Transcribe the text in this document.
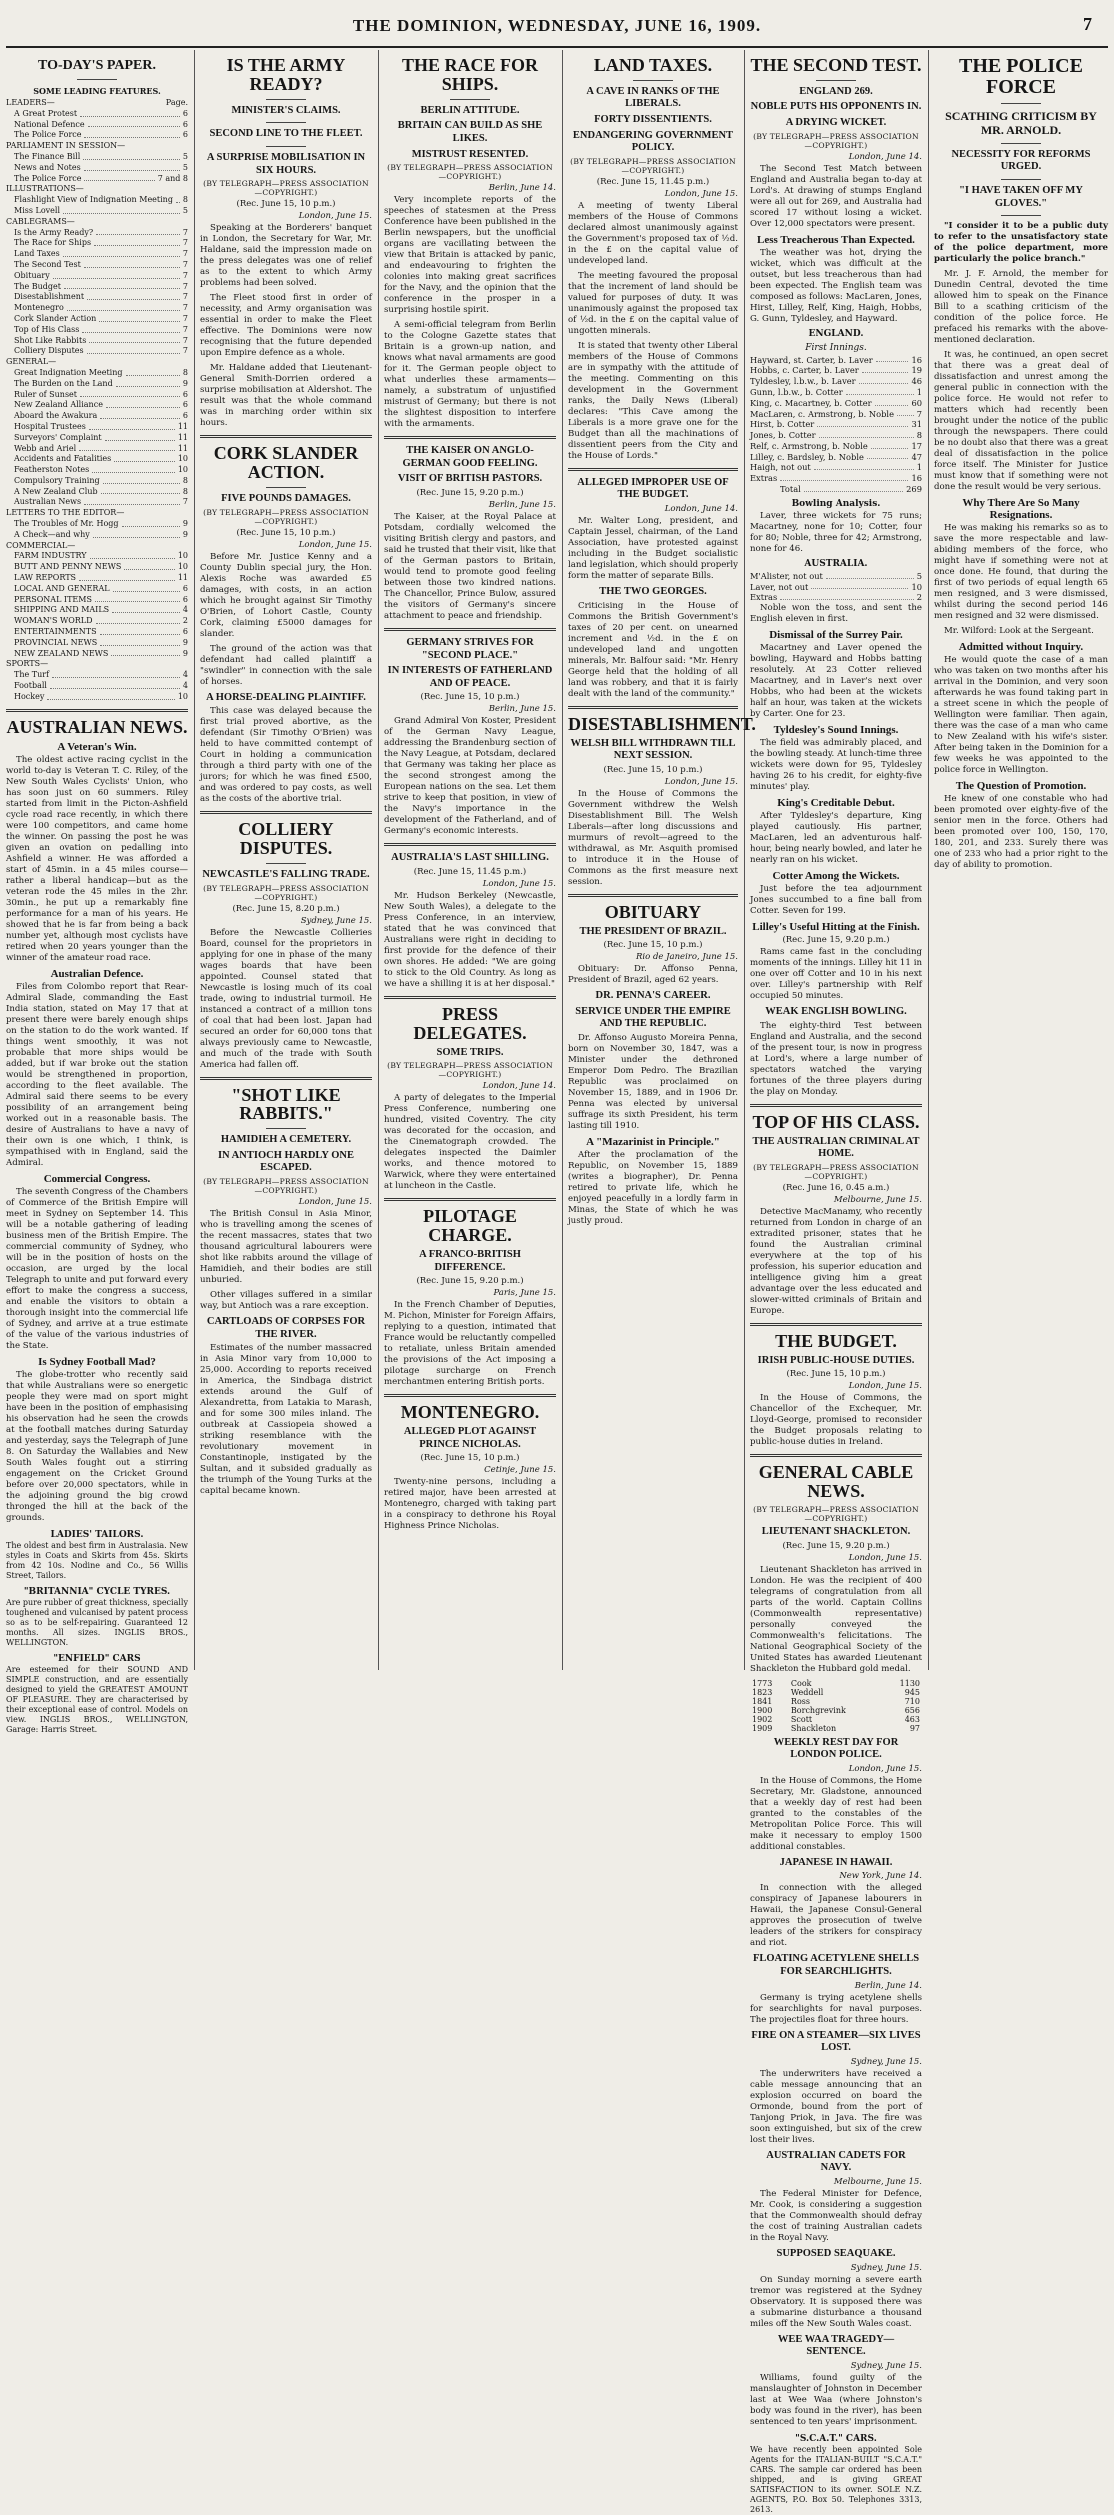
THE DOMINION, WEDNESDAY, JUNE 16, 1909.	7
TO-DAY'S PAPER.
SOME LEADING FEATURES.
LEADERS—	Page.
A Great Protest	6
National Defence	6
The Police Force	6
PARLIAMENT IN SESSION—
The Finance Bill	5
News and Notes	5
The Police Force	7 and 8
ILLUSTRATIONS—
Flashlight View of Indignation Meeting 8
Miss Lovell	5
CABLEGRAMS—
Is the Army Ready?	7
The Race for Ships	7
Land Taxes	7
The Second Test	7
Obituary	7
The Budget	7
Disestablishment	7
Montenegro	7
Cork Slander Action	7
Top of His Class	7
Shot Like Rabbits	7
Colliery Disputes	7
GENERAL—
Great Indignation Meeting	8
The Burden on the Land	9
Ruler of Sunset	6
New Zealand Alliance	6
Aboard the Awakura	6
Hospital Trustees	11
Surveyors' Complaint	11
Webb and Ariel	11
Accidents and Fatalities	10
Featherston Notes	10
Compulsory Training	8
A New Zealand Club	8
Australian News	7
LETTERS TO THE EDITOR—
The Troubles of Mr. Hogg	9
A Check—and why	9
COMMERCIAL—
FARM INDUSTRY	10
BUTT AND PENNY NEWS	10
LAW REPORTS	11
LOCAL AND GENERAL	6
PERSONAL ITEMS	6
SHIPPING AND MAILS	4
WOMAN'S WORLD	2
ENTERTAINMENTS	6
PROVINCIAL NEWS	9
NEW ZEALAND NEWS	9
SPORTS—
The Turf	4
Football	4
Hockey	10
AUSTRALIAN NEWS.
A Veteran's Win.

The oldest active racing cyclist in the world to-day is Veteran T. C. Riley, of the New South Wales Cyclists' Union, who has soon just on 60 summers. Riley started from limit in the Picton-Ashfield cycle road race recently, in which there were 100 competitors, and came home the winner. On passing the post he was given an ovation on pedalling into Ashfield a winner. He was afforded a start of 45min. in a 45 miles course—rather a liberal handicap—but as the veteran rode the 45 miles in the 2hr. 30min., he put up a remarkably fine performance for a man of his years. He showed that he is far from being a back number yet, although most cyclists have retired when 20 years younger than the winner of the amateur road race.

Australian Defence.

Files from Colombo report that Rear-Admiral Slade, commanding the East India station, stated on May 17 that at present there were barely enough ships on the station to do the work wanted. If things went smoothly, it was not probable that more ships would be added, but if war broke out the station would be strengthened in proportion, according to the fleet available. The Admiral said there seems to be every possibility of an arrangement being worked out in a reasonable basis. The desire of Australians to have a navy of their own is one which, I think, is sympathised with in England, said the Admiral.

Commercial Congress.

The seventh Congress of the Chambers of Commerce of the British Empire will meet in Sydney on September 14. This will be a notable gathering of leading business men of the British Empire. The commercial community of Sydney, who will be in the position of hosts on the occasion, are urged by the local Telegraph to unite and put forward every effort to make the congress a success, and enable the visitors to obtain a thorough insight into the commercial life of Sydney, and arrive at a true estimate of the value of the various industries of the State.

Is Sydney Football Mad?

The globe-trotter who recently said that while Australians were so energetic people they were mad on sport might have been in the position of emphasising his observation had he seen the crowds at the football matches during Saturday and yesterday, says the Telegraph of June 8. On Saturday the Wallabies and New South Wales fought out a stirring engagement on the Cricket Ground before over 20,000 spectators, while in the adjoining ground the big crowd thronged the hill at the back of the grounds.

LADIES' TAILORS.
The oldest and best firm in Australasia. New styles in Coats and Skirts from 45s. Skirts from 42 10s. Nodine and Co., 56 Willis Street, Tailors.
"BRITANNIA" CYCLE TYRES.
Are pure rubber of great thickness, specially toughened and vulcanised by patent process so as to be self-repairing. Guaranteed 12 months. All sizes. INGLIS BROS., WELLINGTON.
"ENFIELD" CARS
Are esteemed for their SOUND AND SIMPLE construction, and are essentially designed to yield the GREATEST AMOUNT OF PLEASURE. They are characterised by their exceptional ease of control. Models on view. INGLIS BROS., WELLINGTON, Garage: Harris Street.
IS THE ARMY READY?
MINISTER'S CLAIMS.
SECOND LINE TO THE FLEET.
A SURPRISE MOBILISATION IN SIX HOURS.
(BY TELEGRAPH—PRESS ASSOCIATION—COPYRIGHT.)
(Rec. June 15, 10 p.m.)
London, June 15.

Speaking at the Borderers' banquet in London, the Secretary for War, Mr. Haldane, said the impression made on the press delegates was one of relief as to the extent to which Army problems had been solved.

The Fleet stood first in order of necessity, and Army organisation was essential in order to make the Fleet effective. The Dominions were now recognising that the future depended upon Empire defence as a whole.

Mr. Haldane added that Lieutenant-General Smith-Dorrien ordered a surprise mobilisation at Aldershot. The result was that the whole command was in marching order within six hours.

CORK SLANDER ACTION.
FIVE POUNDS DAMAGES.
(BY TELEGRAPH—PRESS ASSOCIATION—COPYRIGHT.)
(Rec. June 15, 10 p.m.)
London, June 15.

Before Mr. Justice Kenny and a County Dublin special jury, the Hon. Alexis Roche was awarded £5 damages, with costs, in an action which he brought against Sir Timothy O'Brien, of Lohort Castle, County Cork, claiming £5000 damages for slander.

The ground of the action was that defendant had called plaintiff a "swindler" in connection with the sale of horses.

A HORSE-DEALING PLAINTIFF.

This case was delayed because the first trial proved abortive, as the defendant (Sir Timothy O'Brien) was held to have committed contempt of Court in holding a communication through a third party with one of the jurors; for which he was fined £500, and was ordered to pay costs, as well as the costs of the abortive trial.

COLLIERY DISPUTES.
NEWCASTLE'S FALLING TRADE.
(BY TELEGRAPH—PRESS ASSOCIATION—COPYRIGHT.)
(Rec. June 15, 8.20 p.m.)
Sydney, June 15.

Before the Newcastle Collieries Board, counsel for the proprietors in applying for one in phase of the many wages boards that have been appointed. Counsel stated that Newcastle is losing much of its coal trade, owing to industrial turmoil. He instanced a contract of a million tons of coal that had been lost. Japan had secured an order for 60,000 tons that always previously came to Newcastle, and much of the trade with South America had fallen off.

"SHOT LIKE RABBITS."
HAMIDIEH A CEMETERY.
IN ANTIOCH HARDLY ONE ESCAPED.
(BY TELEGRAPH—PRESS ASSOCIATION—COPYRIGHT.)
London, June 15.

The British Consul in Asia Minor, who is travelling among the scenes of the recent massacres, states that two thousand agricultural labourers were shot like rabbits around the village of Hamidieh, and their bodies are still unburied.

Other villages suffered in a similar way, but Antioch was a rare exception.

CARTLOADS OF CORPSES FOR THE RIVER.

Estimates of the number massacred in Asia Minor vary from 10,000 to 25,000. According to reports received in America, the Sindbaga district extends around the Gulf of Alexandretta, from Latakia to Marash, and for some 300 miles inland. The outbreak at Cassiopeia showed a striking resemblance with the revolutionary movement in Constantinople, instigated by the Sultan, and it subsided gradually as the triumph of the Young Turks at the capital became known.

THE RACE FOR SHIPS.
BERLIN ATTITUDE.
BRITAIN CAN BUILD AS SHE LIKES.
MISTRUST RESENTED.
(BY TELEGRAPH—PRESS ASSOCIATION—COPYRIGHT.)
Berlin, June 14.

Very incomplete reports of the speeches of statesmen at the Press Conference have been published in the Berlin newspapers, but the unofficial organs are vacillating between the view that Britain is attacked by panic, and endeavouring to frighten the colonies into making great sacrifices for the Navy, and the opinion that the conference in the prosper in a surprising hostile spirit.

A semi-official telegram from Berlin to the Cologne Gazette states that Britain is a grown-up nation, and knows what naval armaments are good for it. The German people object to what underlies these armaments—namely, a substratum of unjustified mistrust of Germany; but there is not the slightest disposition to interfere with the armaments.

THE KAISER ON ANGLO-GERMAN GOOD FEELING.
VISIT OF BRITISH PASTORS.
(Rec. June 15, 9.20 p.m.)
Berlin, June 15.

The Kaiser, at the Royal Palace at Potsdam, cordially welcomed the visiting British clergy and pastors, and said he trusted that their visit, like that of the German pastors to Britain, would tend to promote good feeling between those two kindred nations. The Chancellor, Prince Bulow, assured the visitors of Germany's sincere attachment to peace and friendship.

GERMANY STRIVES FOR "SECOND PLACE."
IN INTERESTS OF FATHERLAND AND OF PEACE.
(Rec. June 15, 10 p.m.)
Berlin, June 15.

Grand Admiral Von Koster, President of the German Navy League, addressing the Brandenburg section of the Navy League, at Potsdam, declared that Germany was taking her place as the second strongest among the European nations on the sea. Let them strive to keep that position, in view of the Navy's importance in the development of the Fatherland, and of Germany's economic interests.

AUSTRALIA'S LAST SHILLING.
(Rec. June 15, 11.45 p.m.)
London, June 15.

Mr. Hudson Berkeley (Newcastle, New South Wales), a delegate to the Press Conference, in an interview, stated that he was convinced that Australians were right in deciding to first provide for the defence of their own shores. He added: "We are going to stick to the Old Country. As long as we have a shilling it is at her disposal."

PRESS DELEGATES.
SOME TRIPS.
(BY TELEGRAPH—PRESS ASSOCIATION—COPYRIGHT.)
London, June 14.

A party of delegates to the Imperial Press Conference, numbering one hundred, visited Coventry. The city was decorated for the occasion, and the Cinematograph crowded. The delegates inspected the Daimler works, and thence motored to Warwick, where they were entertained at luncheon in the Castle.

PILOTAGE CHARGE.
A FRANCO-BRITISH DIFFERENCE.
(Rec. June 15, 9.20 p.m.)
Paris, June 15.

In the French Chamber of Deputies, M. Pichon, Minister for Foreign Affairs, replying to a question, intimated that France would be reluctantly compelled to retaliate, unless Britain amended the provisions of the Act imposing a pilotage surcharge on French merchantmen entering British ports.

MONTENEGRO.
ALLEGED PLOT AGAINST PRINCE NICHOLAS.
(Rec. June 15, 10 p.m.)
Cetinje, June 15.

Twenty-nine persons, including a retired major, have been arrested at Montenegro, charged with taking part in a conspiracy to dethrone his Royal Highness Prince Nicholas.

LAND TAXES.
A CAVE IN RANKS OF THE LIBERALS.
FORTY DISSENTIENTS.
ENDANGERING GOVERNMENT POLICY.
(BY TELEGRAPH—PRESS ASSOCIATION—COPYRIGHT.)
(Rec. June 15, 11.45 p.m.)
London, June 15.

A meeting of twenty Liberal members of the House of Commons declared almost unanimously against the Government's proposed tax of ½d. in the £ on the capital value of undeveloped land.

The meeting favoured the proposal that the increment of land should be valued for purposes of duty. It was unanimously against the proposed tax of ½d. in the £ on the capital value of ungotten minerals.

It is stated that twenty other Liberal members of the House of Commons are in sympathy with the attitude of the meeting. Commenting on this development in the Government ranks, the Daily News (Liberal) declares: "This Cave among the Liberals is a more grave one for the Budget than all the machinations of dissentient peers from the City and the House of Lords."

ALLEGED IMPROPER USE OF THE BUDGET.
London, June 14.

Mr. Walter Long, president, and Captain Jessel, chairman, of the Land Association, have protested against including in the Budget socialistic land legislation, which should properly form the matter of separate Bills.

THE TWO GEORGES.

Criticising in the House of Commons the British Government's taxes of 20 per cent. on unearned increment and ½d. in the £ on undeveloped land and ungotten minerals, Mr. Balfour said: "Mr. Henry George held that the holding of all land was robbery, and that it is fairly dealt with the land of the community."

DISESTABLISHMENT.
WELSH BILL WITHDRAWN TILL NEXT SESSION.
(Rec. June 15, 10 p.m.)
London, June 15.

In the House of Commons the Government withdrew the Welsh Disestablishment Bill. The Welsh Liberals—after long discussions and murmurs of revolt—agreed to the withdrawal, as Mr. Asquith promised to introduce it in the House of Commons as the first measure next session.

OBITUARY
THE PRESIDENT OF BRAZIL.
(Rec. June 15, 10 p.m.)
Rio de Janeiro, June 15.

Obituary: Dr. Affonso Penna, President of Brazil, aged 62 years.

DR. PENNA'S CAREER.
SERVICE UNDER THE EMPIRE AND THE REPUBLIC.

Dr. Affonso Augusto Moreira Penna, born on November 30, 1847, was a Minister under the dethroned Emperor Dom Pedro. The Brazilian Republic was proclaimed on November 15, 1889, and in 1906 Dr. Penna was elected by universal suffrage its sixth President, his term lasting till 1910.

A "Mazarinist in Principle."

After the proclamation of the Republic, on November 15, 1889 (writes a biographer), Dr. Penna retired to private life, which he enjoyed peacefully in a lordly farm in Minas, the State of which he was justly proud.

THE SECOND TEST.
ENGLAND 269.
NOBLE PUTS HIS OPPONENTS IN.
A DRYING WICKET.
(BY TELEGRAPH—PRESS ASSOCIATION—COPYRIGHT.)
London, June 14.

The Second Test Match between England and Australia began to-day at Lord's. At drawing of stumps England were all out for 269, and Australia had scored 17 without losing a wicket. Over 12,000 spectators were present.

Less Treacherous Than Expected.

The weather was hot, drying the wicket, which was difficult at the outset, but less treacherous than had been expected. The English team was composed as follows: MacLaren, Jones, Hirst, Lilley, Relf, King, Haigh, Hobbs, G. Gunn, Tyldesley, and Hayward.

ENGLAND.
First Innings.
Hayward, st. Carter, b. Laver	16
Hobbs, c. Carter, b. Laver	19
Tyldesley, l.b.w., b. Laver	46
Gunn, l.b.w., b. Cotter	1
King, c. Macartney, b. Cotter	60
MacLaren, c. Armstrong, b. Noble	7
Hirst, b. Cotter	31
Jones, b. Cotter	8
Relf, c. Armstrong, b. Noble	17
Lilley, c. Bardsley, b. Noble	47
Haigh, not out	1
Extras	16
Total	269
Bowling Analysis.

Laver, three wickets for 75 runs; Macartney, none for 10; Cotter, four for 80; Noble, three for 42; Armstrong, none for 46.

AUSTRALIA.
M'Alister, not out	5
Laver, not out	10
Extras	2

Noble won the toss, and sent the English eleven in first.

Dismissal of the Surrey Pair.

Macartney and Laver opened the bowling, Hayward and Hobbs batting resolutely. At 23 Cotter relieved Macartney, and in Laver's next over Hobbs, who had been at the wickets half an hour, was taken at the wickets by Carter. One for 23.

Tyldesley's Sound Innings.

The field was admirably placed, and the bowling steady. At lunch-time three wickets were down for 95, Tyldesley having 26 to his credit, for eighty-five minutes' play.

King's Creditable Debut.

After Tyldesley's departure, King played cautiously. His partner, MacLaren, led an adventurous half-hour, being nearly bowled, and later he nearly ran on his wicket.

Cotter Among the Wickets.

Just before the tea adjournment Jones succumbed to a fine ball from Cotter. Seven for 199.

Lilley's Useful Hitting at the Finish.
(Rec. June 15, 9.20 p.m.)

Rams came fast in the concluding moments of the innings. Lilley hit 11 in one over off Cotter and 10 in his next over. Lilley's partnership with Relf occupied 50 minutes.

WEAK ENGLISH BOWLING.

The eighty-third Test between England and Australia, and the second of the present tour, is now in progress at Lord's, where a large number of spectators watched the varying fortunes of the three players during the play on Monday.

TOP OF HIS CLASS.
THE AUSTRALIAN CRIMINAL AT HOME.
(BY TELEGRAPH—PRESS ASSOCIATION—COPYRIGHT.)
(Rec. June 16, 0.45 a.m.)
Melbourne, June 15.

Detective MacManamy, who recently returned from London in charge of an extradited prisoner, states that he found the Australian criminal everywhere at the top of his profession, his superior education and intelligence giving him a great advantage over the less educated and slower-witted criminals of Britain and Europe.

THE BUDGET.
IRISH PUBLIC-HOUSE DUTIES.
(Rec. June 15, 10 p.m.)
London, June 15.

In the House of Commons, the Chancellor of the Exchequer, Mr. Lloyd-George, promised to reconsider the Budget proposals relating to public-house duties in Ireland.

GENERAL CABLE NEWS.
(BY TELEGRAPH—PRESS ASSOCIATION—COPYRIGHT.)
LIEUTENANT SHACKLETON.
(Rec. June 15, 9.20 p.m.)
London, June 15.

Lieutenant Shackleton has arrived in London. He was the recipient of 400 telegrams of congratulation from all parts of the world. Captain Collins (Commonwealth representative) personally conveyed the Commonwealth's felicitations. The National Geographical Society of the United States has awarded Lieutenant Shackleton the Hubbard gold medal.

1773	Cook	1130
1823	Weddell	945
1841	Ross	710
1900	Borchgrevink	656
1902	Scott	463
1909	Shackleton	97
WEEKLY REST DAY FOR LONDON POLICE.
London, June 15.

In the House of Commons, the Home Secretary, Mr. Gladstone, announced that a weekly day of rest had been granted to the constables of the Metropolitan Police Force. This will make it necessary to employ 1500 additional constables.

JAPANESE IN HAWAII.
New York, June 14.

In connection with the alleged conspiracy of Japanese labourers in Hawaii, the Japanese Consul-General approves the prosecution of twelve leaders of the strikers for conspiracy and riot.

FLOATING ACETYLENE SHELLS FOR SEARCHLIGHTS.
Berlin, June 14.

Germany is trying acetylene shells for searchlights for naval purposes. The projectiles float for three hours.

FIRE ON A STEAMER—SIX LIVES LOST.
Sydney, June 15.

The underwriters have received a cable message announcing that an explosion occurred on board the Ormonde, bound from the port of Tanjong Priok, in Java. The fire was soon extinguished, but six of the crew lost their lives.

AUSTRALIAN CADETS FOR NAVY.
Melbourne, June 15.

The Federal Minister for Defence, Mr. Cook, is considering a suggestion that the Commonwealth should defray the cost of training Australian cadets in the Royal Navy.

SUPPOSED SEAQUAKE.
Sydney, June 15.

On Sunday morning a severe earth tremor was registered at the Sydney Observatory. It is supposed there was a submarine disturbance a thousand miles off the New South Wales coast.

WEE WAA TRAGEDY—SENTENCE.
Sydney, June 15.

Williams, found guilty of the manslaughter of Johnston in December last at Wee Waa (where Johnston's body was found in the river), has been sentenced to ten years' imprisonment.

"S.C.A.T." CARS.
We have recently been appointed Sole Agents for the ITALIAN-BUILT "S.C.A.T." CARS. The sample car ordered has been shipped, and is giving GREAT SATISFACTION to its owner. SOLE N.Z. AGENTS, P.O. Box 50. Telephones 3313, 2613.
THE POLICE FORCE
SCATHING CRITICISM BY MR. ARNOLD.
NECESSITY FOR REFORMS URGED.
"I HAVE TAKEN OFF MY GLOVES."

"I consider it to be a public duty to refer to the unsatisfactory state of the police department, more particularly the police branch."

Mr. J. F. Arnold, the member for Dunedin Central, devoted the time allowed him to speak on the Finance Bill to a scathing criticism of the condition of the police force. He prefaced his remarks with the above-mentioned declaration.

It was, he continued, an open secret that there was a great deal of dissatisfaction and unrest among the general public in connection with the police force. He would not refer to matters which had recently been brought under the notice of the public through the newspapers. There could be no doubt also that there was a great deal of dissatisfaction in the police force itself. The Minister for Justice must know that if something were not done the result would be very serious.

Why There Are So Many Resignations.

He was making his remarks so as to save the more respectable and law-abiding members of the force, who might have if something were not at once done. He found, that during the first of two periods of equal length 65 men resigned, and 3 were dismissed, whilst during the second period 146 men resigned and 32 were dismissed.

Mr. Wilford: Look at the Sergeant.

Admitted without Inquiry.

He would quote the case of a man who was taken on two months after his arrival in the Dominion, and very soon afterwards he was found taking part in a street scene in which the people of Wellington were familiar. Then again, there was the case of a man who came to New Zealand with his wife's sister. After being taken in the Dominion for a few weeks he was appointed to the police force in Wellington.

The Question of Promotion.

He knew of one constable who had been promoted over eighty-five of the senior men in the force. Others had been promoted over 100, 150, 170, 180, 201, and 233. Surely there was one of 233 who had a prior right to the day of ability to promotion.
